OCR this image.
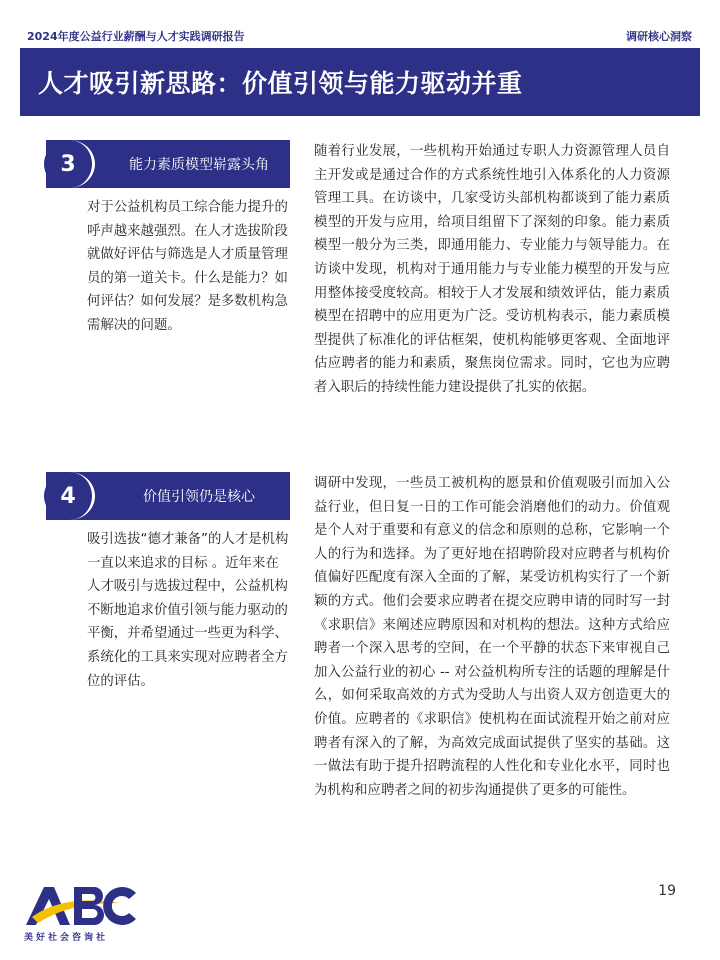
2024年度公益行业薪酬与人才实践调研报告	调研核心洞察
人才吸引新思路：价值引领与能力驱动并重
3	能力素质模型崭露头角
对于公益机构员工综合能力提升的呼声越来越强烈。在人才选拔阶段就做好评估与筛选是人才质量管理员的第一道关卡。什么是能力？如何评估？如何发展？是多数机构急需解决的问题。
随着行业发展，一些机构开始通过专职人力资源管理人员自主开发或是通过合作的方式系统性地引入体系化的人力资源管理工具。在访谈中，几家受访头部机构都谈到了能力素质模型的开发与应用，给项目组留下了深刻的印象。能力素质模型一般分为三类，即通用能力、专业能力与领导能力。在访谈中发现，机构对于通用能力与专业能力模型的开发与应用整体接受度较高。相较于人才发展和绩效评估，能力素质模型在招聘中的应用更为广泛。受访机构表示，能力素质模型提供了标准化的评估框架，使机构能够更客观、全面地评估应聘者的能力和素质，聚焦岗位需求。同时，它也为应聘者入职后的持续性能力建设提供了扎实的依据。
4	价值引领仍是核心
吸引选拔“德才兼备”的人才是机构一直以来追求的目标 。近年来在人才吸引与选拔过程中，公益机构不断地追求价值引领与能力驱动的平衡，并希望通过一些更为科学、系统化的工具来实现对应聘者全方位的评估。
调研中发现，一些员工被机构的愿景和价值观吸引而加入公益行业，但日复一日的工作可能会消磨他们的动力。价值观是个人对于重要和有意义的信念和原则的总称，它影响一个人的行为和选择。为了更好地在招聘阶段对应聘者与机构价值偏好匹配度有深入全面的了解，某受访机构实行了一个新颖的方式。他们会要求应聘者在提交应聘申请的同时写一封《求职信》来阐述应聘原因和对机构的想法。这种方式给应聘者一个深入思考的空间，在一个平静的状态下来审视自己加入公益行业的初心 -- 对公益机构所专注的话题的理解是什么，如何采取高效的方式为受助人与出资人双方创造更大的价值。应聘者的《求职信》使机构在面试流程开始之前对应聘者有深入的了解，为高效完成面试提供了坚实的基础。这一做法有助于提升招聘流程的人性化和专业化水平，同时也为机构和应聘者之间的初步沟通提供了更多的可能性。
美好社会咨询社
19
